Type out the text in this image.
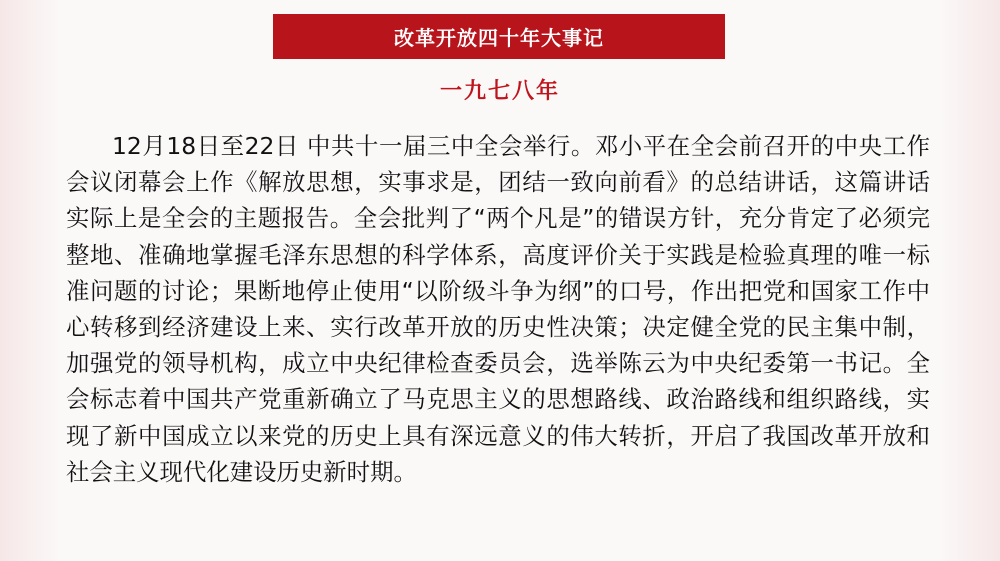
改革开放四十年大事记
一九七八年

12月18日至22日 中共十一届三中全会举行。邓小平在全会前召开的中央工作会议闭幕会上作《解放思想，实事求是，团结一致向前看》的总结讲话，这篇讲话实际上是全会的主题报告。全会批判了“两个凡是”的错误方针，充分肯定了必须完整地、准确地掌握毛泽东思想的科学体系，高度评价关于实践是检验真理的唯一标准问题的讨论；果断地停止使用“以阶级斗争为纲”的口号，作出把党和国家工作中心转移到经济建设上来、实行改革开放的历史性决策；决定健全党的民主集中制，加强党的领导机构，成立中央纪律检查委员会，选举陈云为中央纪委第一书记。全会标志着中国共产党重新确立了马克思主义的思想路线、政治路线和组织路线，实现了新中国成立以来党的历史上具有深远意义的伟大转折，开启了我国改革开放和社会主义现代化建设历史新时期。
